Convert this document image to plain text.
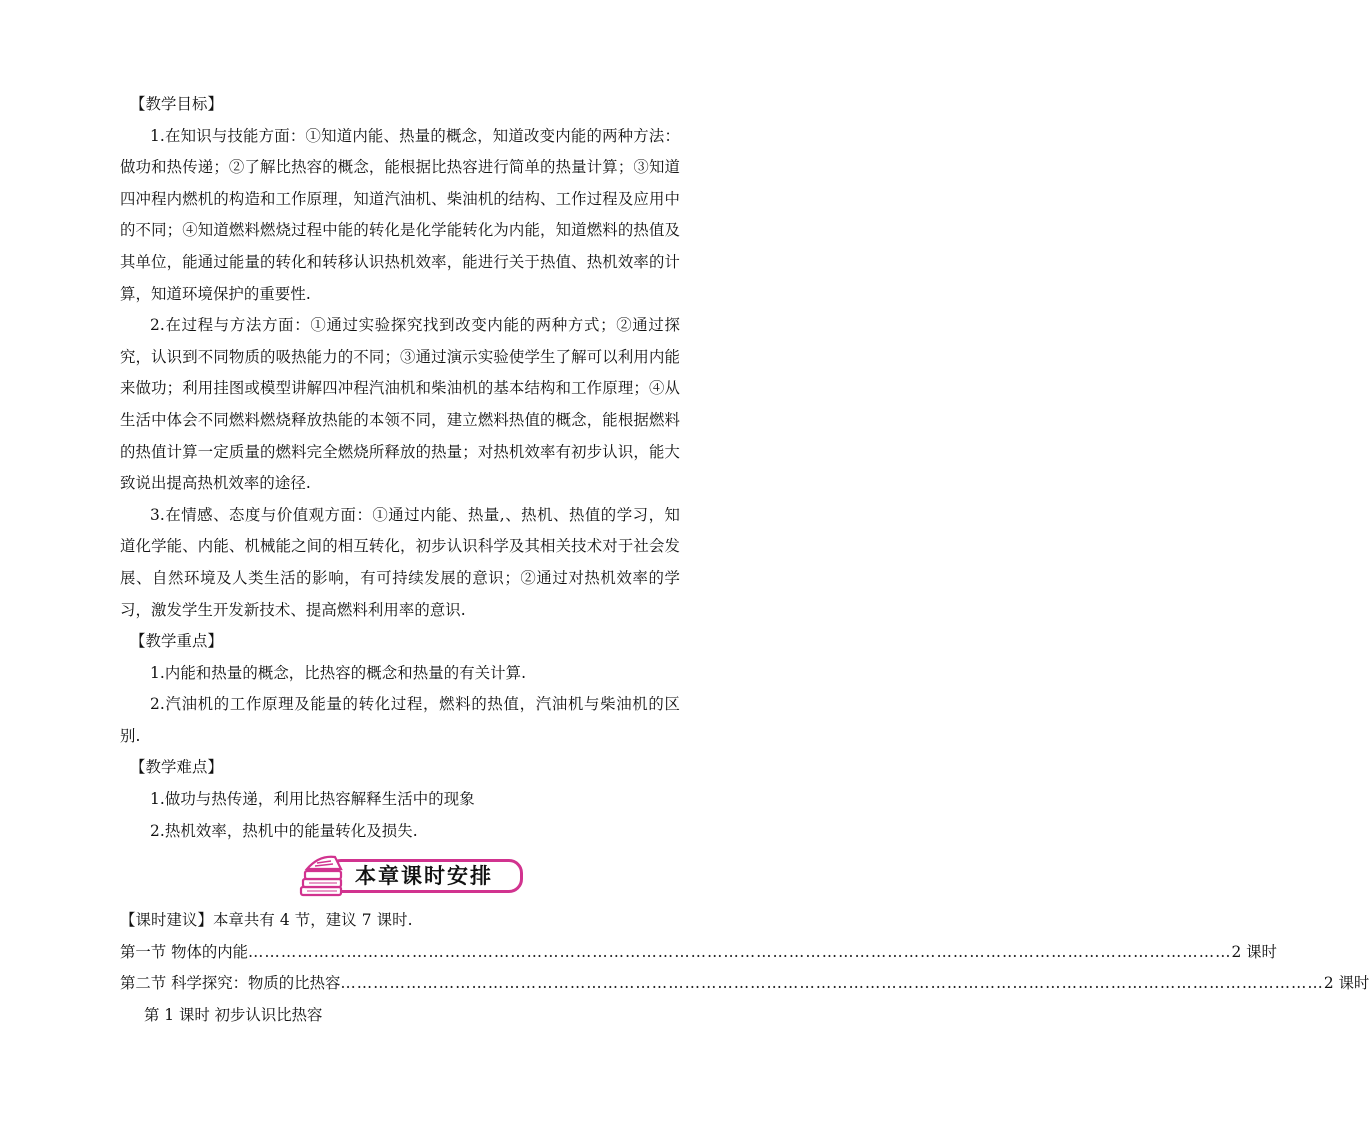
【教学目标】

1.在知识与技能方面：①知道内能、热量的概念，知道改变内能的两种方法：做功和热传递；②了解比热容的概念，能根据比热容进行简单的热量计算；③知道四冲程内燃机的构造和工作原理，知道汽油机、柴油机的结构、工作过程及应用中的不同；④知道燃料燃烧过程中能的转化是化学能转化为内能，知道燃料的热值及其单位，能通过能量的转化和转移认识热机效率，能进行关于热值、热机效率的计算，知道环境保护的重要性.

2.在过程与方法方面：①通过实验探究找到改变内能的两种方式；②通过探究，认识到不同物质的吸热能力的不同；③通过演示实验使学生了解可以利用内能来做功；利用挂图或模型讲解四冲程汽油机和柴油机的基本结构和工作原理；④从生活中体会不同燃料燃烧释放热能的本领不同，建立燃料热值的概念，能根据燃料的热值计算一定质量的燃料完全燃烧所释放的热量；对热机效率有初步认识，能大致说出提高热机效率的途径.

3.在情感、态度与价值观方面：①通过内能、热量,、热机、热值的学习，知道化学能、内能、机械能之间的相互转化，初步认识科学及其相关技术对于社会发展、自然环境及人类生活的影响，有可持续发展的意识；②通过对热机效率的学习，激发学生开发新技术、提高燃料利用率的意识.

【教学重点】

1.内能和热量的概念，比热容的概念和热量的有关计算.

2.汽油机的工作原理及能量的转化过程，燃料的热值，汽油机与柴油机的区别.

【教学难点】

1.做功与热传递，利用比热容解释生活中的现象

2.热机效率，热机中的能量转化及损失.

本章课时安排

【课时建议】本章共有 4 节，建议 7 课时.

第一节 物体的内能 ……………………………………………………………………………………………………………………………………………………………… 2 课时
第二节 科学探究：物质的比热容 ……………………………………………………………………………………………………………………………………………………………… 2 课时
第 1 课时 初步认识比热容
